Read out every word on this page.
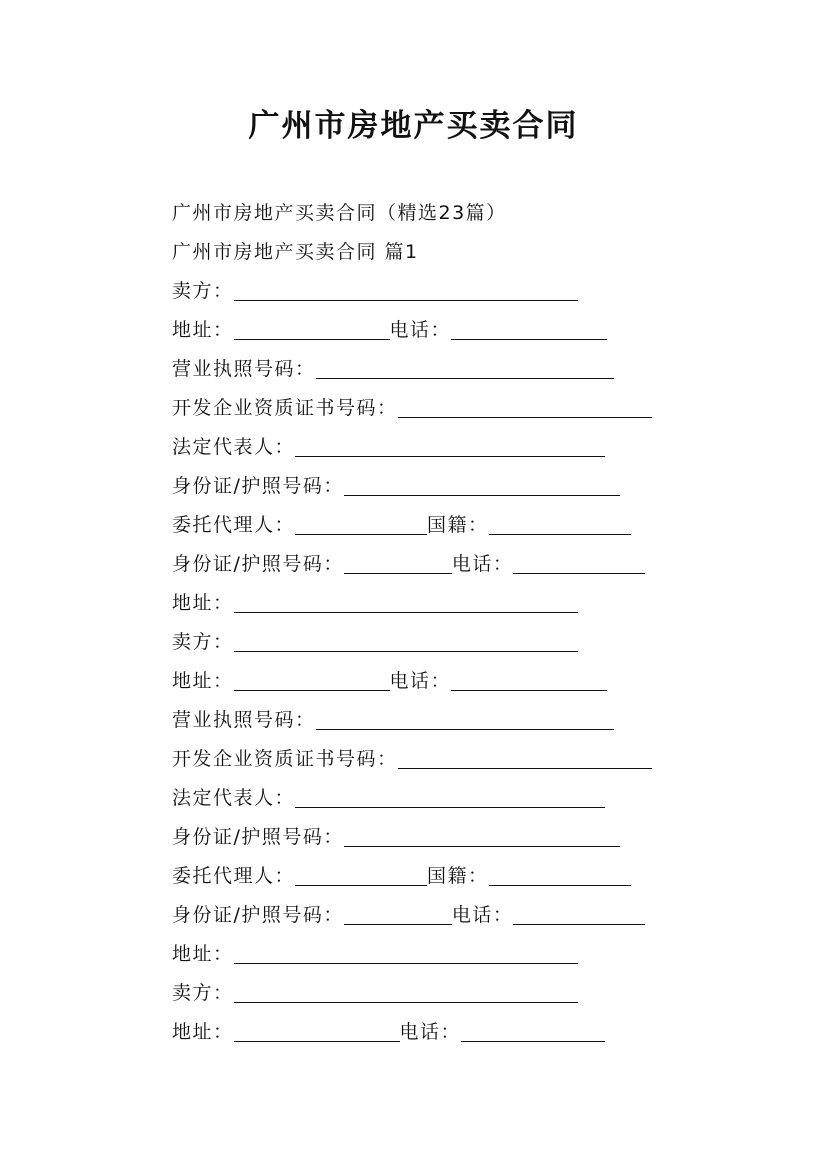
广州市房地产买卖合同
广州市房地产买卖合同（精选23篇）
广州市房地产买卖合同 篇1
卖方：
地址：	电话：
营业执照号码：
开发企业资质证书号码：
法定代表人：
身份证/护照号码：
委托代理人：	国籍：
身份证/护照号码：	电话：
地址：
卖方：
地址：	电话：
营业执照号码：
开发企业资质证书号码：
法定代表人：
身份证/护照号码：
委托代理人：	国籍：
身份证/护照号码：	电话：
地址：
卖方：
地址：	电话：
